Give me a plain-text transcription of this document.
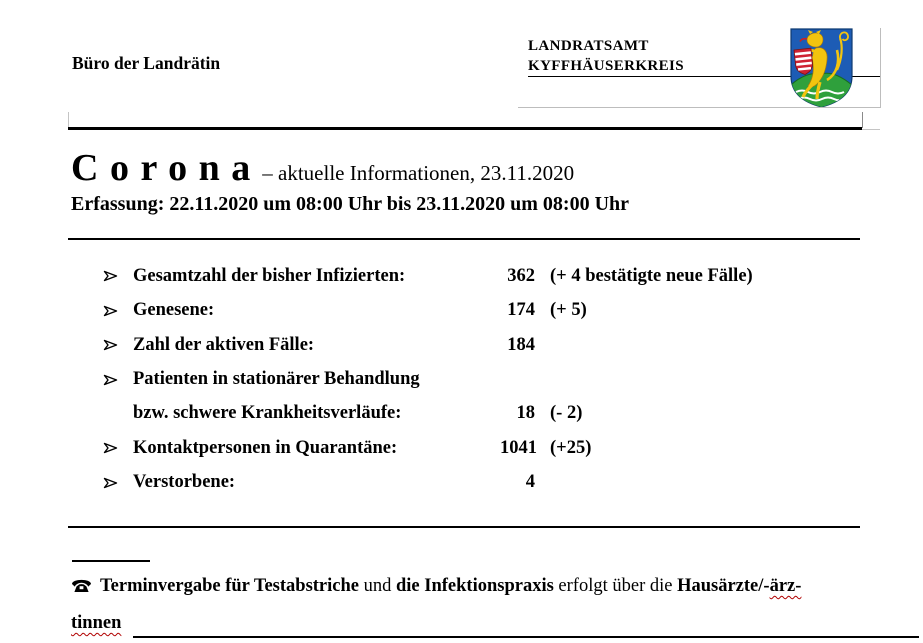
Büro der Landrätin
LANDRATSAMT
KYFFHÄUSERKREIS
C o r o n a – aktuelle Informationen, 23.11.2020
Erfassung: 22.11.2020 um 08:00 Uhr bis 23.11.2020 um 08:00 Uhr
Gesamtzahl der bisher Infizierten:	362 (+ 4 bestätigte neue Fälle)
Genesene:	174 (+ 5)
Zahl der aktiven Fälle:	184
Patienten in stationärer Behandlung
bzw. schwere Krankheitsverläufe:	18 (- 2)
Kontaktpersonen in Quarantäne:	1041 (+25)
Verstorbene:	4
Terminvergabe für Testabstriche und die Infektionspraxis erfolgt über die Hausärzte/-ärz-
tinnen
